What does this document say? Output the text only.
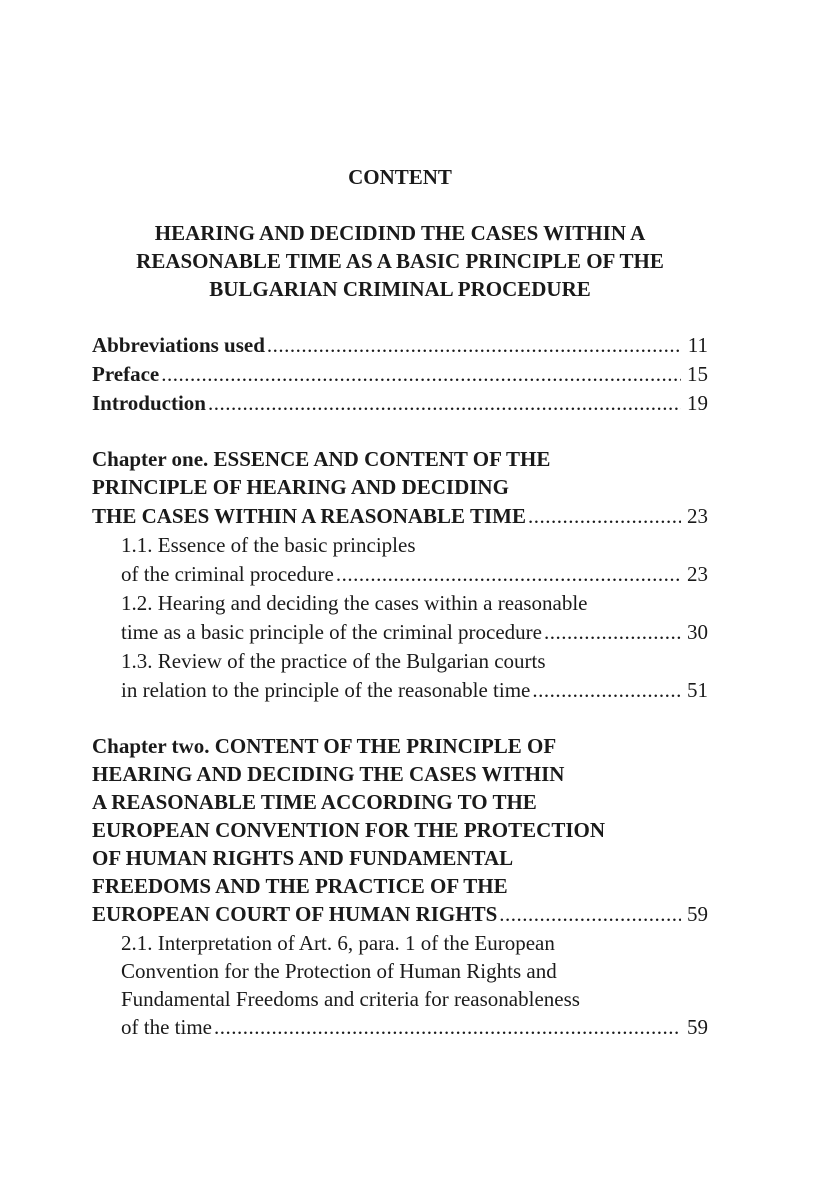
CONTENT
HEARING AND DECIDIND THE CASES WITHIN A REASONABLE TIME AS A BASIC PRINCIPLE OF THE BULGARIAN CRIMINAL PROCEDURE
Abbreviations used .....	11
Preface .....	15
Introduction .....	19
Chapter one. ESSENCE AND CONTENT OF THE
PRINCIPLE OF HEARING AND DECIDING
THE CASES WITHIN A REASONABLE TIME .....	23
1.1. Essence of the basic principles
of the criminal procedure .....	23
1.2. Hearing and deciding the cases within a reasonable
time as a basic principle of the criminal procedure .....	30
1.3. Review of the practice of the Bulgarian courts
in relation to the principle of the reasonable time .....	51
Chapter two. CONTENT OF THE PRINCIPLE OF
HEARING AND DECIDING THE CASES WITHIN
A REASONABLE TIME ACCORDING TO THE
EUROPEAN CONVENTION FOR THE PROTECTION
OF HUMAN RIGHTS AND FUNDAMENTAL
FREEDOMS AND THE PRACTICE OF THE
EUROPEAN COURT OF HUMAN RIGHTS .....	59
2.1. Interpretation of Art. 6, para. 1 of the European
Convention for the Protection of Human Rights and
Fundamental Freedoms and criteria for reasonableness
of the time .....	59
